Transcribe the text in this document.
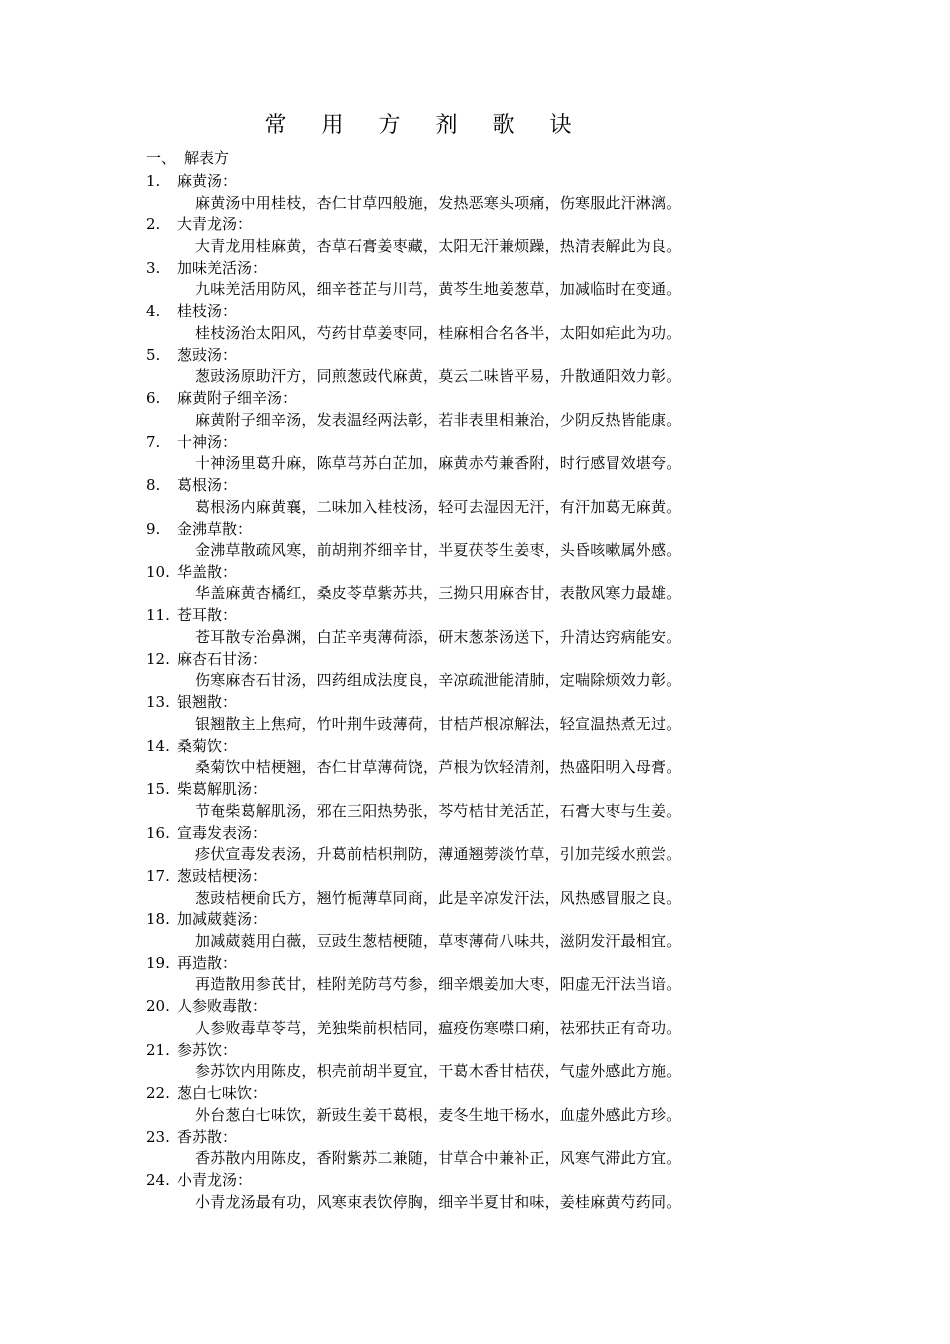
常 用 方 剂 歌 诀
一、 解表方
1. 麻黄汤：
麻黄汤中用桂枝，杏仁甘草四般施，发热恶寒头项痛，伤寒服此汗淋漓。
2. 大青龙汤：
大青龙用桂麻黄，杏草石膏姜枣藏，太阳无汗兼烦躁，热清表解此为良。
3. 加味羌活汤：
九味羌活用防风，细辛苍芷与川芎，黄芩生地姜葱草，加减临时在变通。
4. 桂枝汤：
桂枝汤治太阳风，芍药甘草姜枣同，桂麻相合名各半，太阳如疟此为功。
5. 葱豉汤：
葱豉汤原助汗方，同煎葱豉代麻黄，莫云二味皆平易，升散通阳效力彰。
6. 麻黄附子细辛汤：
麻黄附子细辛汤，发表温经两法彰，若非表里相兼治，少阴反热皆能康。
7. 十神汤：
十神汤里葛升麻，陈草芎苏白芷加，麻黄赤芍兼香附，时行感冒效堪夸。
8. 葛根汤：
葛根汤内麻黄襄，二味加入桂枝汤，轻可去湿因无汗，有汗加葛无麻黄。
9. 金沸草散：
金沸草散疏风寒，前胡荆芥细辛甘，半夏茯苓生姜枣，头昏咳嗽属外感。
10. 华盖散：
华盖麻黄杏橘红，桑皮苓草紫苏共，三拗只用麻杏甘，表散风寒力最雄。
11. 苍耳散：
苍耳散专治鼻渊，白芷辛夷薄荷添，研末葱茶汤送下，升清达窍病能安。
12. 麻杏石甘汤：
伤寒麻杏石甘汤，四药组成法度良，辛凉疏泄能清肺，定喘除烦效力彰。
13. 银翘散：
银翘散主上焦疴，竹叶荆牛豉薄荷，甘桔芦根凉解法，轻宣温热煮无过。
14. 桑菊饮：
桑菊饮中桔梗翘，杏仁甘草薄荷饶，芦根为饮轻清剂，热盛阳明入母膏。
15. 柴葛解肌汤：
节奄柴葛解肌汤，邪在三阳热势张，芩芍桔甘羌活芷，石膏大枣与生姜。
16. 宣毒发表汤：
疹伏宣毒发表汤，升葛前桔枳荆防，薄通翘蒡淡竹草，引加芫绥水煎尝。
17. 葱豉桔梗汤：
葱豉桔梗俞氏方，翘竹栀薄草同商，此是辛凉发汗法，风热感冒服之良。
18. 加减葳蕤汤：
加减葳蕤用白薇，豆豉生葱桔梗随，草枣薄荷八味共，滋阴发汗最相宜。
19. 再造散：
再造散用参芪甘，桂附羌防芎芍参，细辛煨姜加大枣，阳虚无汗法当谙。
20. 人参败毒散：
人参败毒草苓芎，羌独柴前枳桔同，瘟疫伤寒噤口痢，祛邪扶正有奇功。
21. 参苏饮：
参苏饮内用陈皮，枳壳前胡半夏宜，干葛木香甘桔茯，气虚外感此方施。
22. 葱白七味饮：
外台葱白七味饮，新豉生姜干葛根，麦冬生地干杨水，血虚外感此方珍。
23. 香苏散：
香苏散内用陈皮，香附紫苏二兼随，甘草合中兼补正，风寒气滞此方宜。
24. 小青龙汤：
小青龙汤最有功，风寒束表饮停胸，细辛半夏甘和味，姜桂麻黄芍药同。
